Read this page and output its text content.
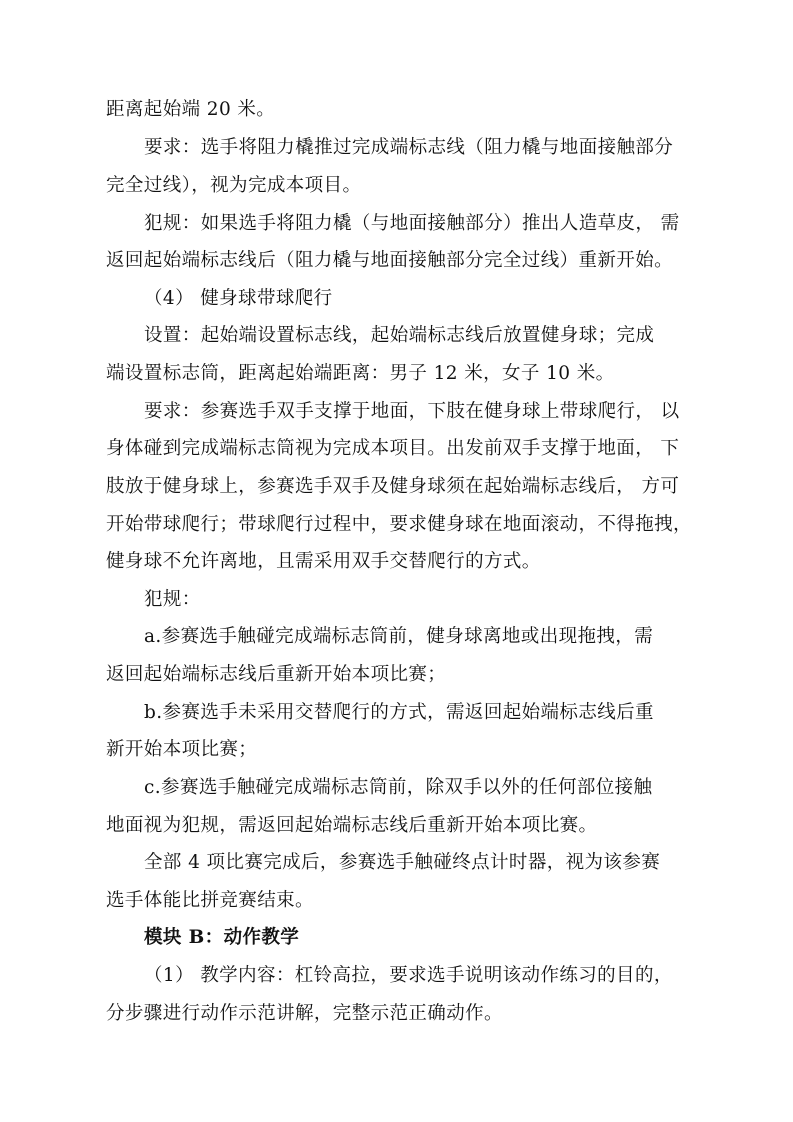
距离起始端 20 米。
要求：选手将阻力橇推过完成端标志线（阻力橇与地面接触部分
完全过线），视为完成本项目。
犯规：如果选手将阻力橇（与地面接触部分）推出人造草皮， 需
返回起始端标志线后（阻力橇与地面接触部分完全过线）重新开始。
（4） 健身球带球爬行
设置：起始端设置标志线，起始端标志线后放置健身球；完成
端设置标志筒，距离起始端距离：男子 12 米，女子 10 米。
要求：参赛选手双手支撑于地面，下肢在健身球上带球爬行， 以
身体碰到完成端标志筒视为完成本项目。出发前双手支撑于地面， 下
肢放于健身球上，参赛选手双手及健身球须在起始端标志线后， 方可
开始带球爬行；带球爬行过程中，要求健身球在地面滚动，不得拖拽，
健身球不允许离地，且需采用双手交替爬行的方式。
犯规：
a.参赛选手触碰完成端标志筒前，健身球离地或出现拖拽，需
返回起始端标志线后重新开始本项比赛；
b.参赛选手未采用交替爬行的方式，需返回起始端标志线后重
新开始本项比赛；
c.参赛选手触碰完成端标志筒前，除双手以外的任何部位接触
地面视为犯规，需返回起始端标志线后重新开始本项比赛。
全部 4 项比赛完成后，参赛选手触碰终点计时器，视为该参赛
选手体能比拼竞赛结束。
模块 B：动作教学
（1） 教学内容：杠铃高拉，要求选手说明该动作练习的目的，
分步骤进行动作示范讲解，完整示范正确动作。
